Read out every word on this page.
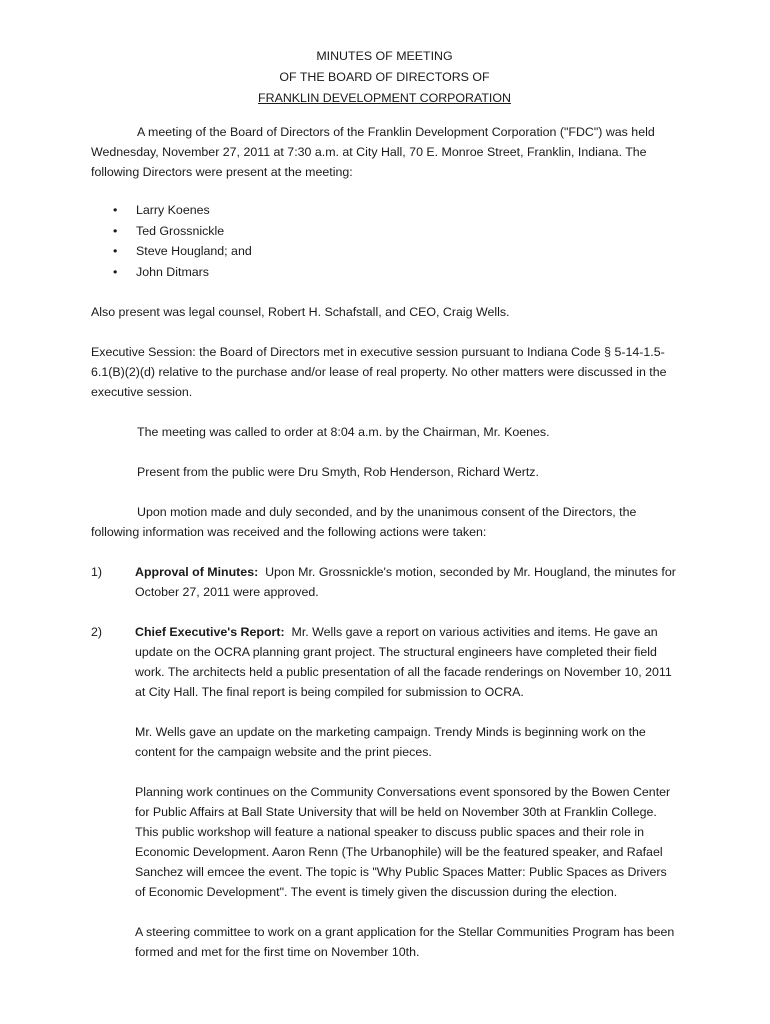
MINUTES OF MEETING
OF THE BOARD OF DIRECTORS OF
FRANKLIN DEVELOPMENT CORPORATION

A meeting of the Board of Directors of the Franklin Development Corporation ("FDC") was held Wednesday, November 27, 2011 at 7:30 a.m. at City Hall, 70 E. Monroe Street, Franklin, Indiana. The following Directors were present at the meeting:

• Larry Koenes
• Ted Grossnickle
• Steve Hougland; and
• John Ditmars

Also present was legal counsel, Robert H. Schafstall, and CEO, Craig Wells.

Executive Session: the Board of Directors met in executive session pursuant to Indiana Code § 5-14-1.5-6.1(B)(2)(d) relative to the purchase and/or lease of real property. No other matters were discussed in the executive session.

The meeting was called to order at 8:04 a.m. by the Chairman, Mr. Koenes.

Present from the public were Dru Smyth, Rob Henderson, Richard Wertz.

Upon motion made and duly seconded, and by the unanimous consent of the Directors, the following information was received and the following actions were taken:

1)	Approval of Minutes: Upon Mr. Grossnickle's motion, seconded by Mr. Hougland, the minutes for October 27, 2011 were approved.

2)	Chief Executive's Report: Mr. Wells gave a report on various activities and items. He gave an update on the OCRA planning grant project. The structural engineers have completed their field work. The architects held a public presentation of all the facade renderings on November 10, 2011 at City Hall. The final report is being compiled for submission to OCRA.

Mr. Wells gave an update on the marketing campaign. Trendy Minds is beginning work on the content for the campaign website and the print pieces.

Planning work continues on the Community Conversations event sponsored by the Bowen Center for Public Affairs at Ball State University that will be held on November 30th at Franklin College. This public workshop will feature a national speaker to discuss public spaces and their role in Economic Development. Aaron Renn (The Urbanophile) will be the featured speaker, and Rafael Sanchez will emcee the event. The topic is "Why Public Spaces Matter: Public Spaces as Drivers of Economic Development". The event is timely given the discussion during the election.

A steering committee to work on a grant application for the Stellar Communities Program has been formed and met for the first time on November 10th.
